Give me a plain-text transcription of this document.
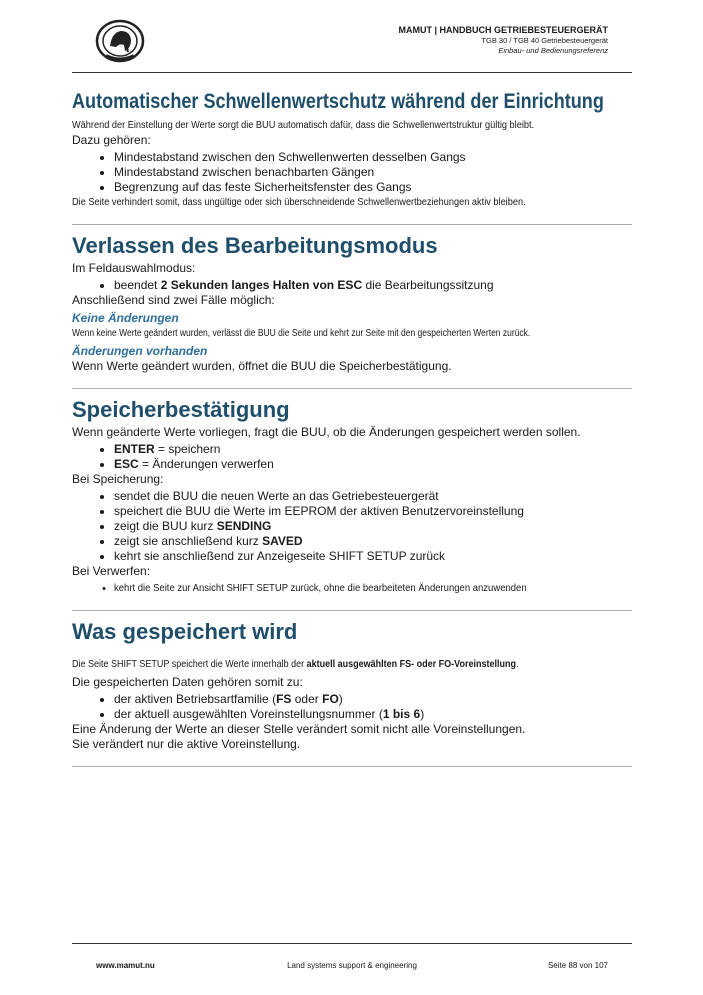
MAMUT | HANDBUCH GETRIEBESTEUERGERÄT
TGB 30 / TGB 40 Getriebesteuergerät
Einbau- und Bedienungsreferenz
Automatischer Schwellenwertschutz während der Einrichtung

Während der Einstellung der Werte sorgt die BUU automatisch dafür, dass die Schwellenwertstruktur gültig bleibt.

Dazu gehören:

• Mindestabstand zwischen den Schwellenwerten desselben Gangs
• Mindestabstand zwischen benachbarten Gängen
• Begrenzung auf das feste Sicherheitsfenster des Gangs

Die Seite verhindert somit, dass ungültige oder sich überschneidende Schwellenwertbeziehungen aktiv bleiben.

Verlassen des Bearbeitungsmodus

Im Feldauswahlmodus:

• beendet 2 Sekunden langes Halten von ESC die Bearbeitungssitzung

Anschließend sind zwei Fälle möglich:

Keine Änderungen

Wenn keine Werte geändert wurden, verlässt die BUU die Seite und kehrt zur Seite mit den gespeicherten Werten zurück.

Änderungen vorhanden

Wenn Werte geändert wurden, öffnet die BUU die Speicherbestätigung.

Speicherbestätigung

Wenn geänderte Werte vorliegen, fragt die BUU, ob die Änderungen gespeichert werden sollen.

• ENTER = speichern
• ESC = Änderungen verwerfen

Bei Speicherung:

• sendet die BUU die neuen Werte an das Getriebesteuergerät
• speichert die BUU die Werte im EEPROM der aktiven Benutzervoreinstellung
• zeigt die BUU kurz SENDING
• zeigt sie anschließend kurz SAVED
• kehrt sie anschließend zur Anzeigeseite SHIFT SETUP zurück

Bei Verwerfen:

• kehrt die Seite zur Ansicht SHIFT SETUP zurück, ohne die bearbeiteten Änderungen anzuwenden
Was gespeichert wird

Die Seite SHIFT SETUP speichert die Werte innerhalb der aktuell ausgewählten FS- oder FO-Voreinstellung.

Die gespeicherten Daten gehören somit zu:

• der aktiven Betriebsartfamilie (FS oder FO)
• der aktuell ausgewählten Voreinstellungsnummer (1 bis 6)

Eine Änderung der Werte an dieser Stelle verändert somit nicht alle Voreinstellungen.

Sie verändert nur die aktive Voreinstellung.

www.mamut.nu	Land systems support & engineering	Seite 88 von 107
